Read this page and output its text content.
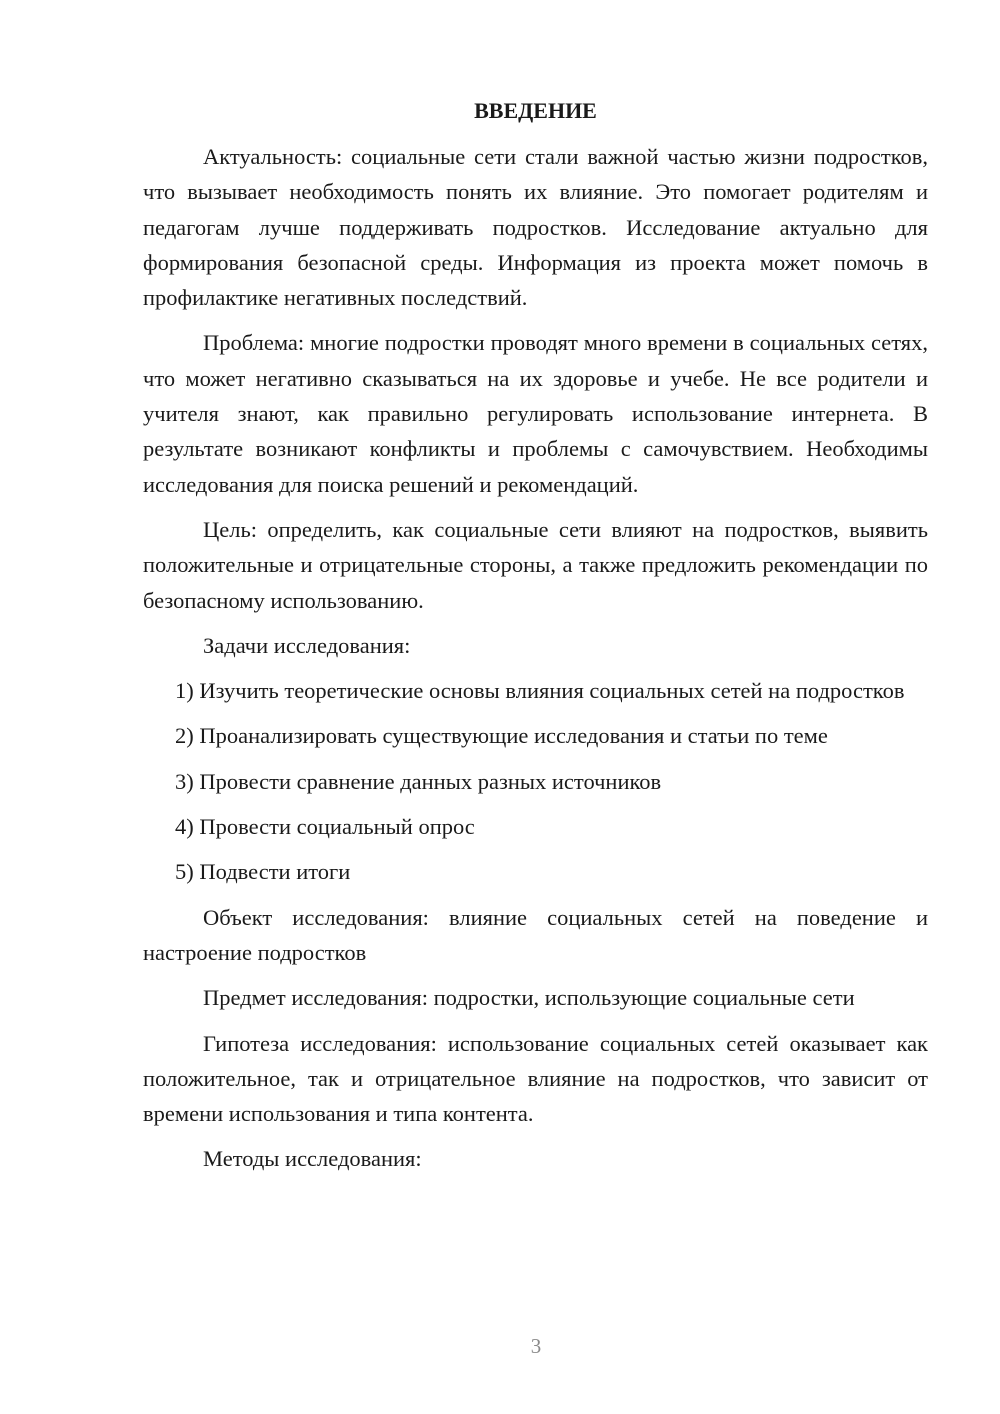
ВВЕДЕНИЕ

Актуальность: социальные сети стали важной частью жизни подростков, что вызывает необходимость понять их влияние. Это помогает родителям и педагогам лучше поддерживать подростков. Исследование актуально для формирования безопасной среды. Информация из проекта может помочь в профилактике негативных последствий.

Проблема: многие подростки проводят много времени в социальных сетях, что может негативно сказываться на их здоровье и учебе. Не все родители и учителя знают, как правильно регулировать использование интернета. В результате возникают конфликты и проблемы с самочувствием. Необходимы исследования для поиска решений и рекомендаций.

Цель: определить, как социальные сети влияют на подростков, выявить положительные и отрицательные стороны, а также предложить рекомендации по безопасному использованию.

Задачи исследования:

1) Изучить теоретические основы влияния социальных сетей на подростков

2) Проанализировать существующие исследования и статьи по теме

3) Провести сравнение данных разных источников

4) Провести социальный опрос

5) Подвести итоги

Объект исследования: влияние социальных сетей на поведение и настроение подростков

Предмет исследования: подростки, использующие социальные сети

Гипотеза исследования: использование социальных сетей оказывает как положительное, так и отрицательное влияние на подростков, что зависит от времени использования и типа контента.

Методы исследования:

3
